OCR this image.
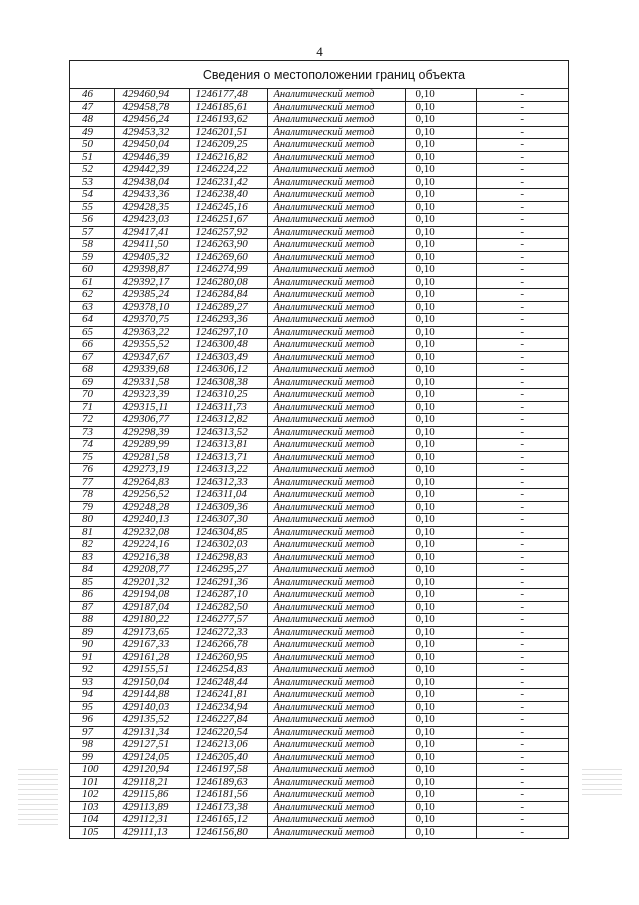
4
Сведения о местоположении границ объекта
46	429460,94	1246177,48	Аналитический метод	0,10	-
47	429458,78	1246185,61	Аналитический метод	0,10	-
48	429456,24	1246193,62	Аналитический метод	0,10	-
49	429453,32	1246201,51	Аналитический метод	0,10	-
50	429450,04	1246209,25	Аналитический метод	0,10	-
51	429446,39	1246216,82	Аналитический метод	0,10	-
52	429442,39	1246224,22	Аналитический метод	0,10	-
53	429438,04	1246231,42	Аналитический метод	0,10	-
54	429433,36	1246238,40	Аналитический метод	0,10	-
55	429428,35	1246245,16	Аналитический метод	0,10	-
56	429423,03	1246251,67	Аналитический метод	0,10	-
57	429417,41	1246257,92	Аналитический метод	0,10	-
58	429411,50	1246263,90	Аналитический метод	0,10	-
59	429405,32	1246269,60	Аналитический метод	0,10	-
60	429398,87	1246274,99	Аналитический метод	0,10	-
61	429392,17	1246280,08	Аналитический метод	0,10	-
62	429385,24	1246284,84	Аналитический метод	0,10	-
63	429378,10	1246289,27	Аналитический метод	0,10	-
64	429370,75	1246293,36	Аналитический метод	0,10	-
65	429363,22	1246297,10	Аналитический метод	0,10	-
66	429355,52	1246300,48	Аналитический метод	0,10	-
67	429347,67	1246303,49	Аналитический метод	0,10	-
68	429339,68	1246306,12	Аналитический метод	0,10	-
69	429331,58	1246308,38	Аналитический метод	0,10	-
70	429323,39	1246310,25	Аналитический метод	0,10	-
71	429315,11	1246311,73	Аналитический метод	0,10	-
72	429306,77	1246312,82	Аналитический метод	0,10	-
73	429298,39	1246313,52	Аналитический метод	0,10	-
74	429289,99	1246313,81	Аналитический метод	0,10	-
75	429281,58	1246313,71	Аналитический метод	0,10	-
76	429273,19	1246313,22	Аналитический метод	0,10	-
77	429264,83	1246312,33	Аналитический метод	0,10	-
78	429256,52	1246311,04	Аналитический метод	0,10	-
79	429248,28	1246309,36	Аналитический метод	0,10	-
80	429240,13	1246307,30	Аналитический метод	0,10	-
81	429232,08	1246304,85	Аналитический метод	0,10	-
82	429224,16	1246302,03	Аналитический метод	0,10	-
83	429216,38	1246298,83	Аналитический метод	0,10	-
84	429208,77	1246295,27	Аналитический метод	0,10	-
85	429201,32	1246291,36	Аналитический метод	0,10	-
86	429194,08	1246287,10	Аналитический метод	0,10	-
87	429187,04	1246282,50	Аналитический метод	0,10	-
88	429180,22	1246277,57	Аналитический метод	0,10	-
89	429173,65	1246272,33	Аналитический метод	0,10	-
90	429167,33	1246266,78	Аналитический метод	0,10	-
91	429161,28	1246260,95	Аналитический метод	0,10	-
92	429155,51	1246254,83	Аналитический метод	0,10	-
93	429150,04	1246248,44	Аналитический метод	0,10	-
94	429144,88	1246241,81	Аналитический метод	0,10	-
95	429140,03	1246234,94	Аналитический метод	0,10	-
96	429135,52	1246227,84	Аналитический метод	0,10	-
97	429131,34	1246220,54	Аналитический метод	0,10	-
98	429127,51	1246213,06	Аналитический метод	0,10	-
99	429124,05	1246205,40	Аналитический метод	0,10	-
100	429120,94	1246197,58	Аналитический метод	0,10	-
101	429118,21	1246189,63	Аналитический метод	0,10	-
102	429115,86	1246181,56	Аналитический метод	0,10	-
103	429113,89	1246173,38	Аналитический метод	0,10	-
104	429112,31	1246165,12	Аналитический метод	0,10	-
105	429111,13	1246156,80	Аналитический метод	0,10	-
